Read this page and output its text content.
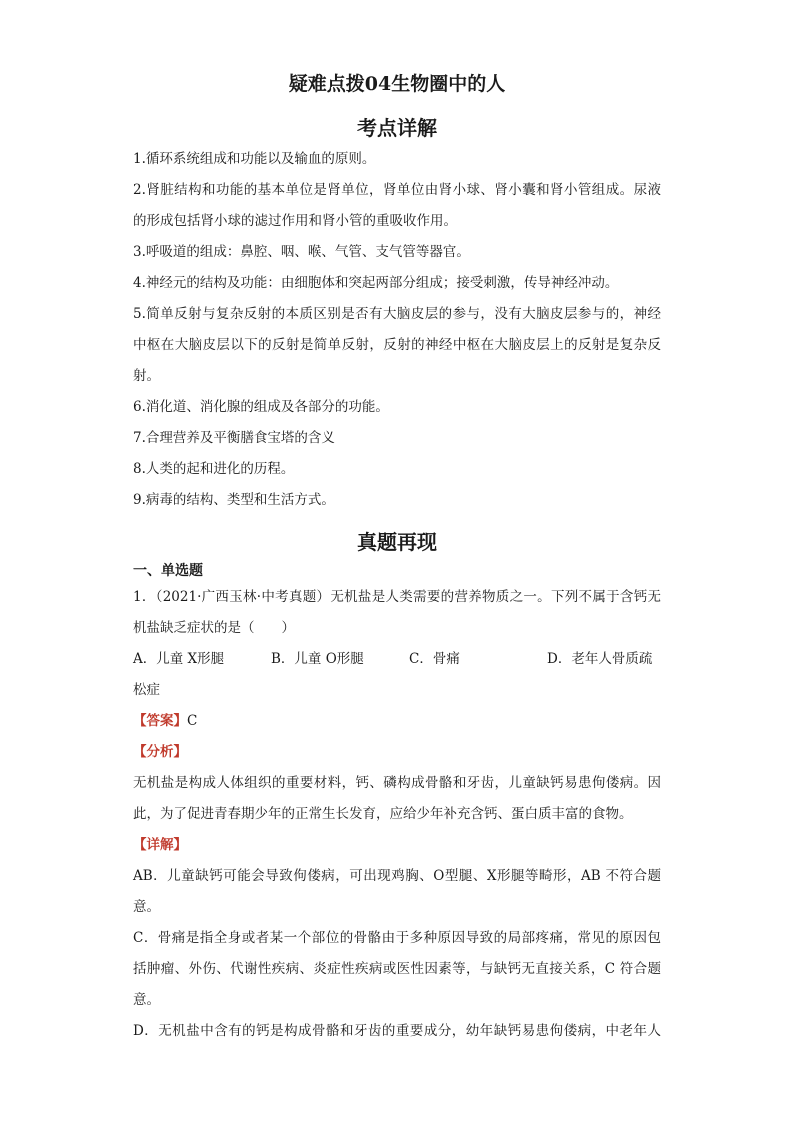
疑难点拨04生物圈中的人
考点详解

1.循环系统组成和功能以及输血的原则。

2.肾脏结构和功能的基本单位是肾单位，肾单位由肾小球、肾小囊和肾小管组成。尿液

的形成包括肾小球的滤过作用和肾小管的重吸收作用。

3.呼吸道的组成：鼻腔、咽、喉、气管、支气管等器官。

4.神经元的结构及功能：由细胞体和突起两部分组成；接受刺激，传导神经冲动。

5.简单反射与复杂反射的本质区别是否有大脑皮层的参与，没有大脑皮层参与的，神经

中枢在大脑皮层以下的反射是简单反射，反射的神经中枢在大脑皮层上的反射是复杂反

射。

6.消化道、消化腺的组成及各部分的功能。

7.合理营养及平衡膳食宝塔的含义

8.人类的起和进化的历程。

9.病毒的结构、类型和生活方式。

真题再现

一、单选题

1．（2021·广西玉林·中考真题）无机盐是人类需要的营养物质之一。下列不属于含钙无

机盐缺乏症状的是（　　）

A．儿童 X形腿	B．儿童 O形腿	C．骨痛	D．老年人骨质疏

松症

【答案】C

【分析】

无机盐是构成人体组织的重要材料，钙、磷构成骨骼和牙齿，儿童缺钙易患佝偻病。因

此，为了促进青春期少年的正常生长发育，应给少年补充含钙、蛋白质丰富的食物。

【详解】

AB．儿童缺钙可能会导致佝偻病，可出现鸡胸、O型腿、X形腿等畸形，AB 不符合题

意。

C．骨痛是指全身或者某一个部位的骨骼由于多种原因导致的局部疼痛，常见的原因包

括肿瘤、外伤、代谢性疾病、炎症性疾病或医性因素等，与缺钙无直接关系，C 符合题

意。

D．无机盐中含有的钙是构成骨骼和牙齿的重要成分，幼年缺钙易患佝偻病，中老年人
